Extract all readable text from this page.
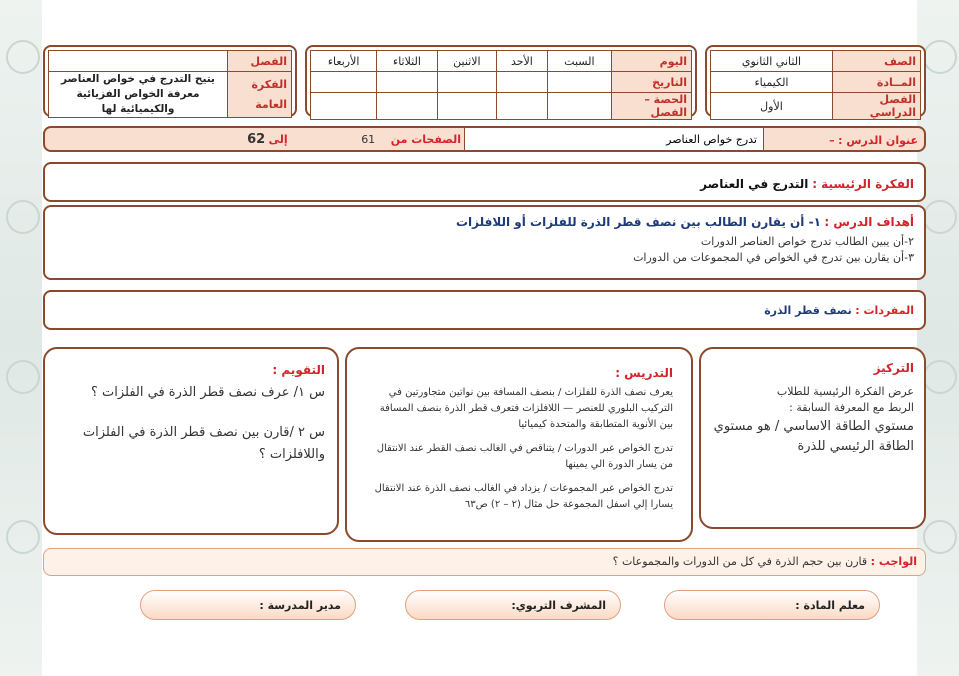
الصف	الثاني الثانوي
المــادة	الكيمياء
الفصل الدراسي	الأول
اليوم	السبت	الأحد	الاثنين	الثلاثاء	الأربعاء
التاريخ					
الحصة –الفصل					
الفصل	

الفكرة
العامة	يتيح التدرج في خواص العناصر معرفة الخواص الفزيائية والكيميائية لها
عنوان الدرس : –
تدرج خواص العناصر
الصفحات من 61 إلى 62
الفكرة الرئيسية : التدرج في العناصر
أهداف الدرس : ١- أن يقارن الطالب بين نصف قطر الذرة للفلزات أو اللافلزات
٢-أن يبين الطالب تدرج خواص العناصر الدورات
٣-أن يقارن بين تدرج في الخواص في المجموعات من الدورات
المفردات : نصف قطر الذرة
التركيز
عرض الفكرة الرئيسية للطلاب
الربط مع المعرفة السابقة :
مستوي الطاقة الاساسي / هو مستوي الطاقة الرئيسي للذرة
التدريس :
يعرف نصف الذرة للفلزات / بنصف المسافة بين نواتين متجاورتين في التركيب البلوري للعنصر — اللافلزات فتعرف قطر الذرة بنصف المسافة بين الأنوية المتطابقة والمتحدة كيميائيا
تدرج الخواص عبر الدورات / يتناقص في الغالب نصف القطر عند الانتقال من يسار الدورة الي يمينها
تدرج الخواص عبر المجموعات / يزداد في الغالب نصف الذرة عند الانتقال يسارا إلي اسفل المجموعة حل مثال (٢ – ٢) ص٦٣
التقويم :
س ١/ عرف نصف قطر الذرة في الفلزات ؟
س ٢ /قارن بين نصف قطر الذرة في الفلزات واللافلزات ؟
الواجب : قارن بين حجم الذرة في كل من الدورات والمجموعات ؟
معلم المادة :
المشرف التربوي:
مدير المدرسة :
